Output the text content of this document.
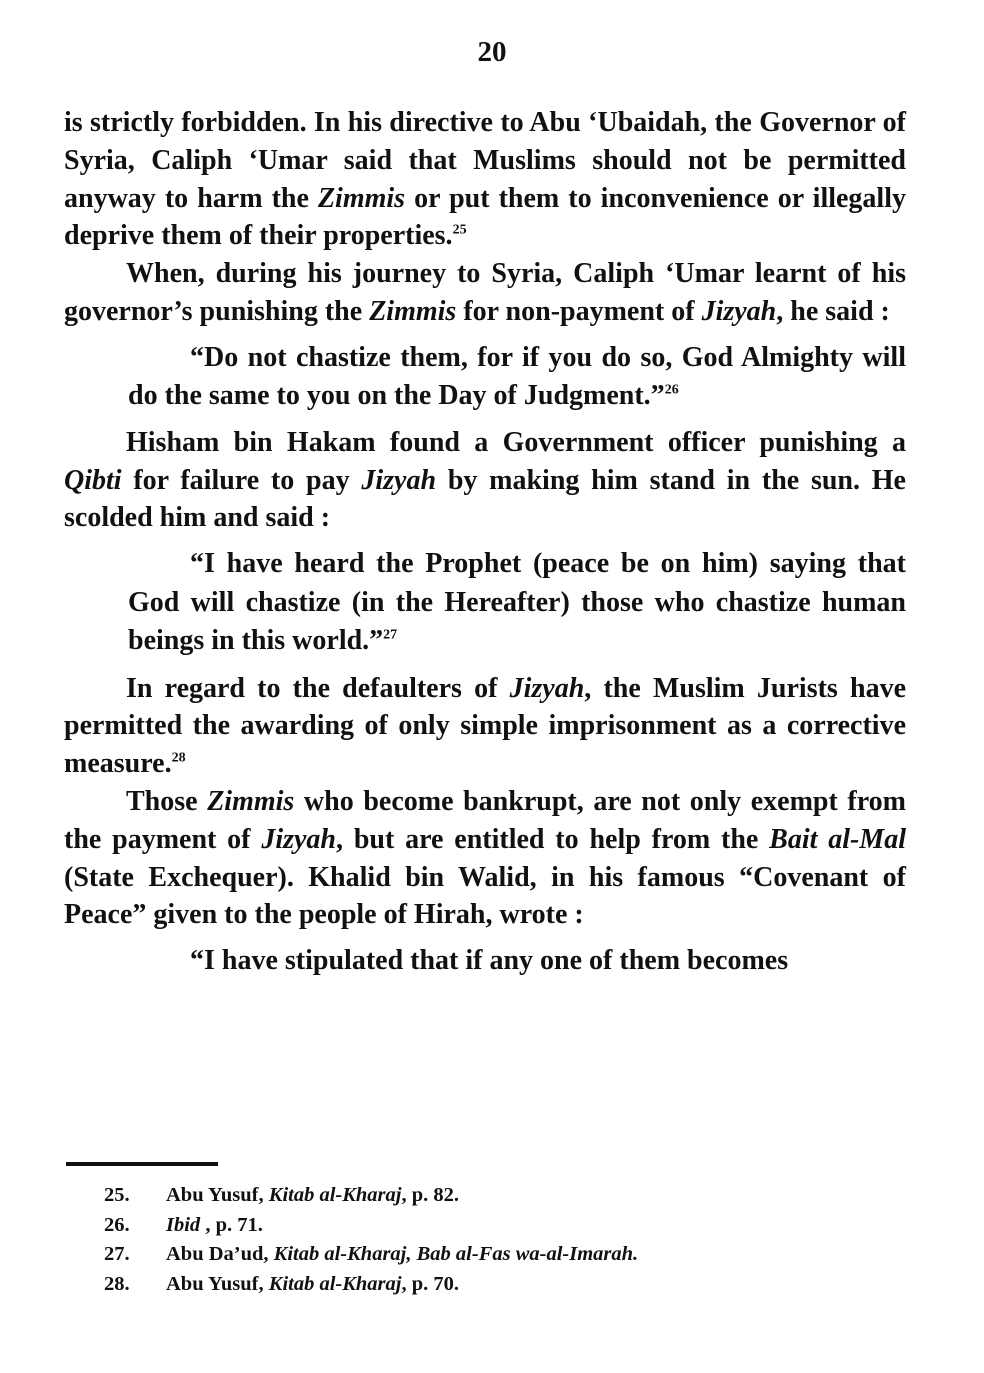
20

is strictly forbidden. In his directive to Abu ‘Ubaidah, the Governor of Syria, Caliph ‘Umar said that Muslims should not be permitted anyway to harm the Zimmis or put them to inconvenience or illegally deprive them of their properties.$^{25}$

When, during his journey to Syria, Caliph ‘Umar learnt of his governor’s punishing the Zimmis for non-payment of Jizyah, he said :

“Do not chastize them, for if you do so, God Almighty will do the same to you on the Day of Judgment.”$^{26}$

Hisham bin Hakam found a Government officer punishing a Qibti for failure to pay Jizyah by making him stand in the sun. He scolded him and said :

“I have heard the Prophet (peace be on him) saying that God will chastize (in the Hereafter) those who chastize human beings in this world.”$^{27}$

In regard to the defaulters of Jizyah, the Muslim Jurists have permitted the awarding of only simple imprisonment as a corrective measure.$^{28}$

Those Zimmis who become bankrupt, are not only exempt from the payment of Jizyah, but are entitled to help from the Bait al-Mal (State Exchequer). Khalid bin Walid, in his famous “Covenant of Peace” given to the people of Hirah, wrote :

“I have stipulated that if any one of them becomes

25. Abu Yusuf, Kitab al-Kharaj, p. 82.

26. Ibid , p. 71.

27. Abu Da’ud, Kitab al-Kharaj, Bab al-Fas wa-al-Imarah.

28. Abu Yusuf, Kitab al-Kharaj, p. 70.
